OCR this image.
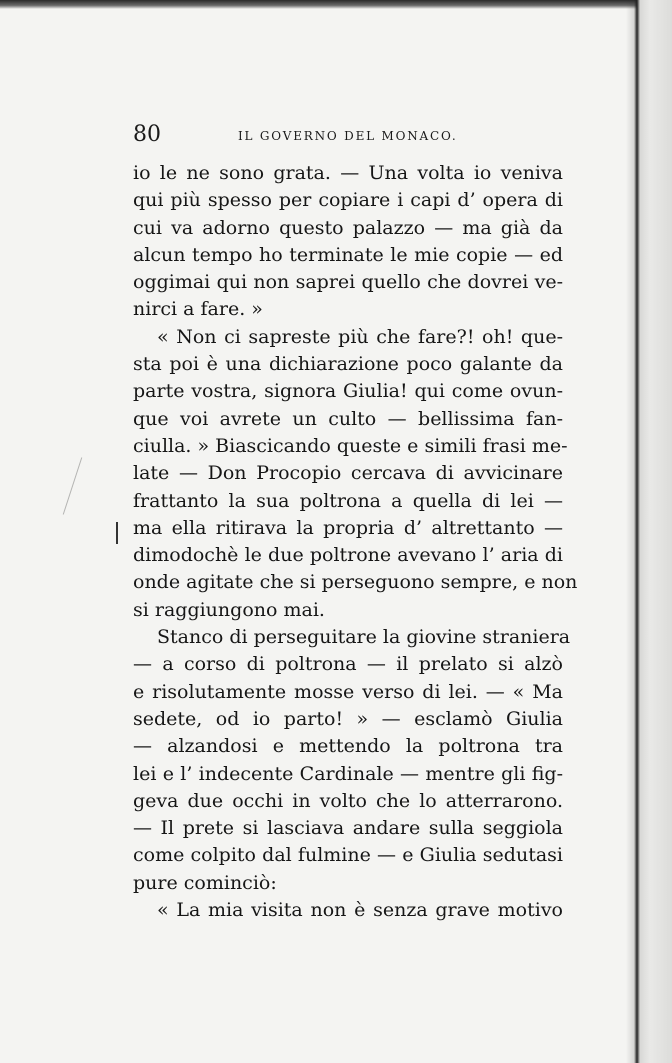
80	IL GOVERNO DEL MONACO.
io le ne sono grata. — Una volta io veniva
qui più spesso per copiare i capi d’ opera di
cui va adorno questo palazzo — ma già da
alcun tempo ho terminate le mie copie — ed
oggimai qui non saprei quello che dovrei ve-
nirci a fare. »
« Non ci sapreste più che fare?! oh! que-
sta poi è una dichiarazione poco galante da
parte vostra, signora Giulia! qui come ovun-
que voi avrete un culto — bellissima fan-
ciulla. » Biascicando queste e simili frasi me-
late — Don Procopio cercava di avvicinare
frattanto la sua poltrona a quella di lei —
ma ella ritirava la propria d’ altrettanto —
dimodochè le due poltrone avevano l’ aria di
onde agitate che si perseguono sempre, e non
si raggiungono mai.
Stanco di perseguitare la giovine straniera
— a corso di poltrona — il prelato si alzò
e risolutamente mosse verso di lei. — « Ma
sedete, od io parto! » — esclamò Giulia
— alzandosi e mettendo la poltrona tra
lei e l’ indecente Cardinale — mentre gli fig-
geva due occhi in volto che lo atterrarono.
— Il prete si lasciava andare sulla seggiola
come colpito dal fulmine — e Giulia sedutasi
pure cominciò:
« La mia visita non è senza grave motivo
